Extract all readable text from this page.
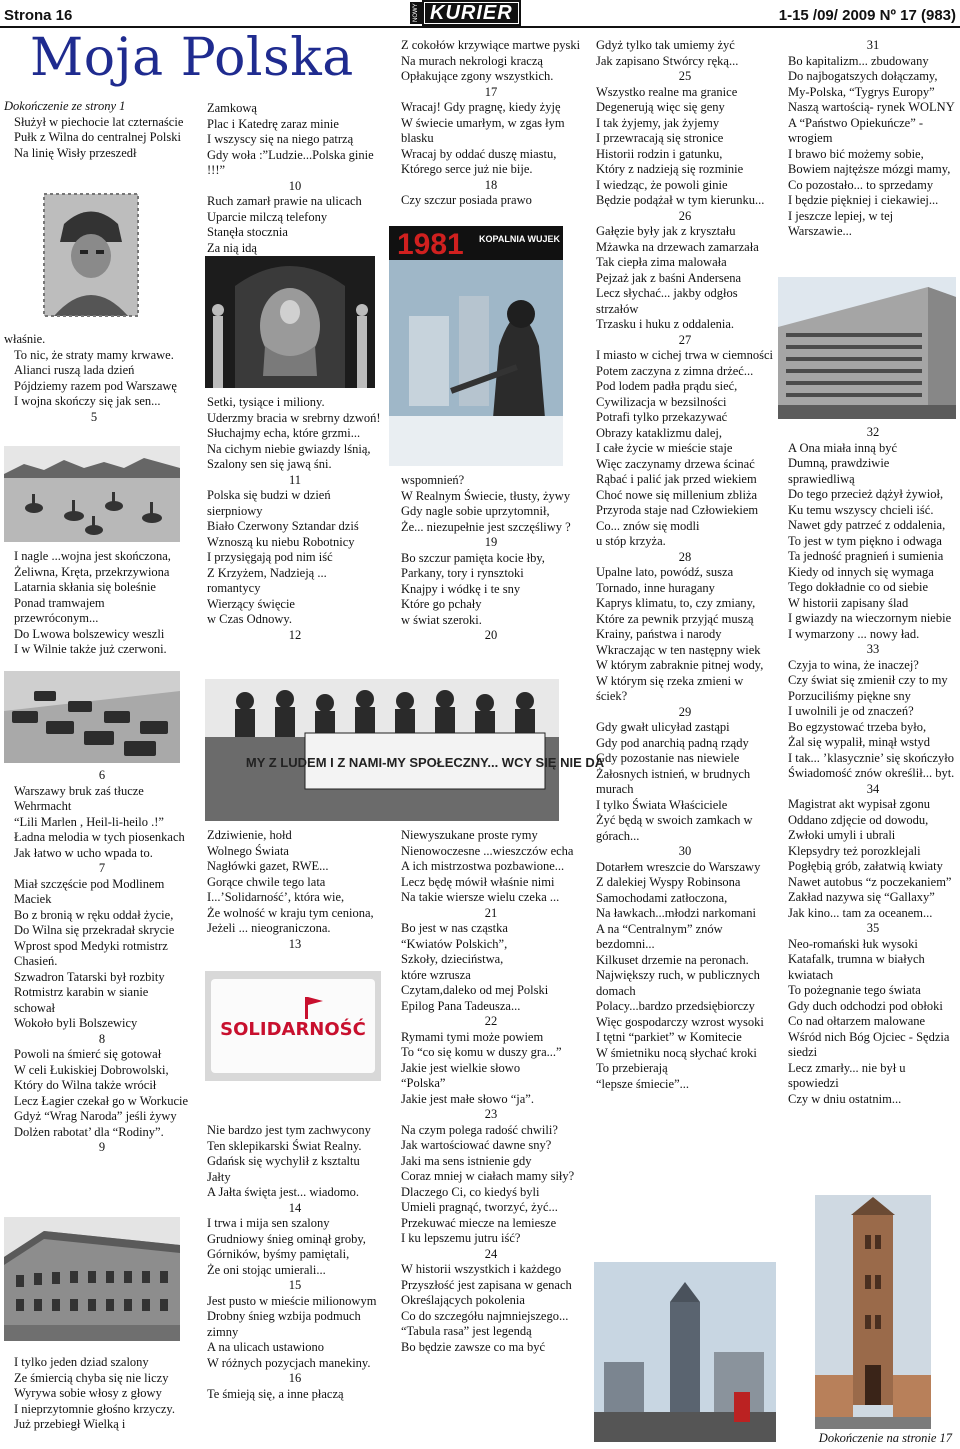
Strona 16	NOWY KURIER	1-15 /09/ 2009 Nº 17 (983)
Moja Polska

Dokończenie ze strony 1

Służył w piechocie lat czternaście

Pułk z Wilna do centralnej Polski

Na linię Wisły przeszedł

właśnie.

To nic, że straty mamy krwawe.

Alianci ruszą lada dzień

Pójdziemy razem pod Warszawę

I wojna skończy się jak sen...

5

I nagle ...wojna jest skończona,

Żeliwna, Kręta, przekrzywiona

Latarnia skłania się boleśnie

Ponad tramwajem przewróconym...

Do Lwowa bolszewicy weszli

I w Wilnie także już czerwoni.

6

Warszawy bruk zaś tłucze Wehrmacht

“Lili Marlen , Heil-li-heilo .!”

Ładna melodia w tych piosenkach

Jak łatwo w ucho wpada to.

7

Miał szczęście pod Modlinem Maciek

Bo z bronią w ręku oddał życie,

Do Wilna się przekradał skrycie

Wprost spod Medyki rotmistrz Chasień.

Szwadron Tatarski był rozbity

Rotmistrz karabin w sianie schował

Wokoło byli Bolszewicy

8

Powoli na śmierć się gotował

W celi Łukiskiej Dobrowolski,

Który do Wilna także wrócił

Lecz Łagier czekał go w Workucie

Gdyż “Wrag Naroda” jeśli żywy

Dolżen rabotat’ dla “Rodiny”.

9

I tylko jeden dziad szalony

Ze śmiercią chyba się nie liczy

Wyrywa sobie włosy z głowy

I nieprzytomnie głośno krzyczy.

Już przebiegł Wielką i

Zamkową

Plac i Katedrę zaraz minie

I wszyscy się na niego patrzą

Gdy woła :”Ludzie...Polska ginie !!!”

10

Ruch zamarł prawie na ulicach

Uparcie milczą telefony

Stanęła stocznia

Za nią idą

Setki, tysiące i miliony.

Uderzmy bracia w srebrny dzwoń!

Słuchajmy echa, które grzmi...

Na cichym niebie gwiazdy lśnią,

Szalony sen się jawą śni.

11

Polska się budzi w dzień sierpniowy

Biało Czerwony Sztandar dziś

Wznoszą ku niebu Robotnicy

I przysięgają pod nim iść

Z Krzyżem, Nadzieją ... romantycy

Wierzący święcie

w Czas Odnowy.

12

MY Z LUDEM I Z NAMI-MY SPOŁECZNY... WCY SIĘ NIE DA

Zdziwienie, hołd

Wolnego Świata

Nagłówki gazet, RWE...

Gorące chwile tego lata

I...’Solidarność’, która wie,

Że wolność w kraju tym ceniona,

Jeżeli ... nieograniczona.

13

SOLIDARNOŚĆ

Nie bardzo jest tym zachwycony

Ten sklepikarski Świat Realny.

Gdańsk się wychylił z ksztaltu Jałty

A Jałta święta jest... wiadomo.

14

I trwa i mija sen szalony

Grudniowy śnieg ominął groby,

Górników, byśmy pamiętali,

Że oni stojąc umierali...

15

Jest pusto w mieście milionowym

Drobny śnieg wzbija podmuch zimny

A na ulicach ustawiono

W różnych pozycjach manekiny.

16

Te śmieją się, a inne płaczą

Z cokołów krzywiące martwe pyski

Na murach nekrologi kraczą

Opłakujące zgony wszystkich.

17

Wracaj! Gdy pragnę, kiedy żyję

W świecie umarłym, w zgas łym blasku

Wracaj by oddać duszę miastu,

Którego serce już nie bije.

18

Czy szczur posiada prawo

1981 KOPALNIA WUJEK

wspomnień?

W Realnym Świecie, tłusty, żywy

Gdy nagle sobie uprzytomnił,

Że... niezupełnie jest szczęśliwy ?

19

Bo szczur pamięta kocie łby,

Parkany, tory i rynsztoki

Knajpy i wódkę i te sny

Które go pchały

w świat szeroki.

20

Niewyszukane proste rymy

Nienowoczesne ...wieszczów echa

A ich mistrzostwa pozbawione...

Lecz będę mówił właśnie nimi

Na takie wiersze wielu czeka ...

21

Bo jest w nas cząstka

“Kwiatów Polskich”,

Szkoły, dzieciństwa,

które wzrusza

Czytam,daleko od mej Polski

Epilog Pana Tadeusza...

22

Rymami tymi może powiem

To “co się komu w duszy gra...”

Jakie jest wielkie słowo

“Polska”

Jakie jest małe słowo “ja”.

23

Na czym polega radość chwili?

Jak wartościować dawne sny?

Jaki ma sens istnienie gdy

Coraz mniej w ciałach mamy siły?

Dlaczego Ci, co kiedyś byli

Umieli pragnąć, tworzyć, żyć...

Przekuwać miecze na lemiesze

I ku lepszemu jutru iść?

24

W historii wszystkich i każdego

Przyszłość jest zapisana w genach

Określających pokolenia

Co do szczegółu najmniejszego...

“Tabula rasa” jest legendą

Bo będzie zawsze co ma być

Gdyż tylko tak umiemy żyć

Jak zapisano Stwórcy ręką...

25

Wszystko realne ma granice

Degenerują więc się geny

I tak żyjemy, jak żyjemy

I przewracają się stronice

Historii rodzin i gatunku,

Który z nadzieją się rozminie

I wiedząc, że powoli ginie

Będzie podążał w tym kierunku...

26

Gałęzie były jak z kryształu

Mżawka na drzewach zamarzała

Tak ciepła zima malowała

Pejzaż jak z baśni Andersena

Lecz słychać... jakby odgłos strzałów

Trzasku i huku z oddalenia.

27

I miasto w cichej trwa w ciemności

Potem zaczyna z zimna drżeć...

Pod lodem padła prądu sieć,

Cywilizacja w bezsilności

Potrafi tylko przekazywać

Obrazy kataklizmu dalej,

I całe życie w mieście staje

Więc zaczynamy drzewa ścinać

Rąbać i palić jak przed wiekiem

Choć nowe się millenium zbliża

Przyroda staje nad Człowiekiem

Co... znów się modli

u stóp krzyża.

28

Upalne lato, powódź, susza

Tornado, inne huragany

Kaprys klimatu, to, czy zmiany,

Które za pewnik przyjąć muszą

Krainy, państwa i narody

Wkraczając w ten następny wiek

W którym zabraknie pitnej wody,

W którym się rzeka zmieni w ściek?

29

Gdy gwałt ulicyład zastąpi

Gdy pod anarchią padną rządy

Gdy pozostanie nas niewiele

Żałosnych istnień, w brudnych murach

I tylko Świata Właściciele

Żyć będą w swoich zamkach w górach...

30

Dotarłem wreszcie do Warszawy

Z dalekiej Wyspy Robinsona

Samochodami zatłoczona,

Na ławkach...młodzi narkomani

A na “Centralnym” znów bezdomni...

Kilkuset drzemie na peronach.

Największy ruch, w publicznych domach

Polacy...bardzo przedsiębiorczy

Więc gospodarczy wzrost wysoki

I tętni “parkiet” w Komitecie

W śmietniku nocą słychać kroki

To przebierają

“lepsze śmiecie”...

31

Bo kapitalizm... zbudowany

Do najbogatszych dołączamy,

My-Polska, “Tygrys Europy”

Naszą wartością- rynek WOLNY

A “Państwo Opiekuńcze” -wrogiem

I brawo bić możemy sobie,

Bowiem najtęższe mózgi mamy,

Co pozostało... to sprzedamy

I będzie piękniej i ciekawiej...

I jeszcze lepiej, w tej Warszawie...

32

A Ona miała inną być

Dumną, prawdziwie sprawiedliwą

Do tego przecież dążył żywioł,

Ku temu wszyscy chcieli iść.

Nawet gdy patrzeć z oddalenia,

To jest w tym piękno i odwaga

Ta jedność pragnień i sumienia

Kiedy od innych się wymaga

Tego dokładnie co od siebie

W historii zapisany ślad

I gwiazdy na wieczornym niebie

I wymarzony ... nowy ład.

33

Czyja to wina, że inaczej?

Czy świat się zmienił czy to my

Porzuciliśmy piękne sny

I uwolnili je od znaczeń?

Bo egzystować trzeba było,

Żal się wypalił, minął wstyd

I tak... ’klasycznie’ się skończyło

Świadomość znów określił... byt.

34

Magistrat akt wypisał zgonu

Oddano zdjęcie od dowodu,

Zwłoki umyli i ubrali

Klepsydry też porozklejali

Pogłębią grób, załatwią kwiaty

Nawet autobus “z poczekaniem”

Zakład nazywa się “Gallaxy”

Jak kino... tam za oceanem...

35

Neo-romański łuk wysoki

Katafalk, trumna w białych kwiatach

To pożegnanie tego świata

Gdy duch odchodzi pod obłoki

Co nad ołtarzem malowane

Wśród nich Bóg Ojciec - Sędzia siedzi

Lecz zmarły... nie był u spowiedzi

Czy w dniu ostatnim...

Dokończenie na stronie 17
